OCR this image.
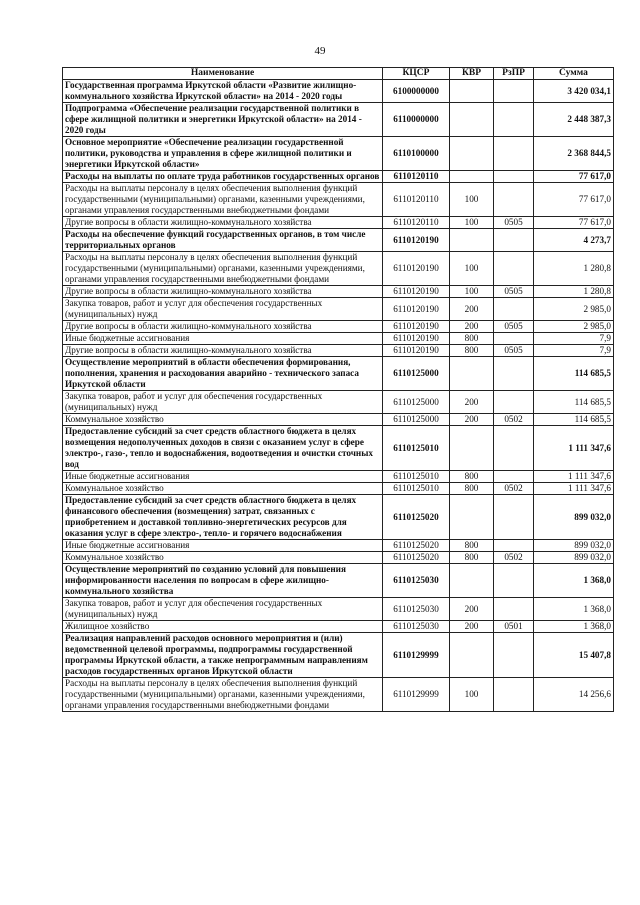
49
Наименование	КЦСР	КВР	РзПР	Сумма
Государственная программа Иркутской области «Развитие жилищно-коммунального хозяйства Иркутской области» на 2014 - 2020 годы	6100000000			3 420 034,1
Подпрограмма «Обеспечение реализации государственной политики в сфере жилищной политики и энергетики Иркутской области» на 2014 - 2020 годы	6110000000			2 448 387,3
Основное мероприятие «Обеспечение реализации государственной политики, руководства и управления в сфере жилищной политики и энергетики Иркутской области»	6110100000			2 368 844,5
Расходы на выплаты по оплате труда работников государственных органов	6110120110			77 617,0
Расходы на выплаты персоналу в целях обеспечения выполнения функций государственными (муниципальными) органами, казенными учреждениями, органами управления государственными внебюджетными фондами	6110120110	100		77 617,0
Другие вопросы в области жилищно-коммунального хозяйства	6110120110	100	0505	77 617,0
Расходы на обеспечение функций государственных органов, в том числе территориальных органов	6110120190			4 273,7
Расходы на выплаты персоналу в целях обеспечения выполнения функций государственными (муниципальными) органами, казенными учреждениями, органами управления государственными внебюджетными фондами	6110120190	100		1 280,8
Другие вопросы в области жилищно-коммунального хозяйства	6110120190	100	0505	1 280,8
Закупка товаров, работ и услуг для обеспечения государственных (муниципальных) нужд	6110120190	200		2 985,0
Другие вопросы в области жилищно-коммунального хозяйства	6110120190	200	0505	2 985,0
Иные бюджетные ассигнования	6110120190	800		7,9
Другие вопросы в области жилищно-коммунального хозяйства	6110120190	800	0505	7,9
Осуществление мероприятий в области обеспечения формирования, пополнения, хранения и расходования аварийно - технического запаса Иркутской области	6110125000			114 685,5
Закупка товаров, работ и услуг для обеспечения государственных (муниципальных) нужд	6110125000	200		114 685,5
Коммунальное хозяйство	6110125000	200	0502	114 685,5
Предоставление субсидий за счет средств областного бюджета в целях возмещения недополученных доходов в связи с оказанием услуг в сфере электро-, газо-, тепло и водоснабжения, водоотведения и очистки сточных вод	6110125010			1 111 347,6
Иные бюджетные ассигнования	6110125010	800		1 111 347,6
Коммунальное хозяйство	6110125010	800	0502	1 111 347,6
Предоставление субсидий за счет средств областного бюджета в целях финансового обеспечения (возмещения) затрат, связанных с приобретением и доставкой топливно-энергетических ресурсов для оказания услуг в сфере электро-, тепло- и горячего водоснабжения	6110125020			899 032,0
Иные бюджетные ассигнования	6110125020	800		899 032,0
Коммунальное хозяйство	6110125020	800	0502	899 032,0
Осуществление мероприятий по созданию условий для повышения информированности населения по вопросам в сфере жилищно-коммунального хозяйства	6110125030			1 368,0
Закупка товаров, работ и услуг для обеспечения государственных (муниципальных) нужд	6110125030	200		1 368,0
Жилищное хозяйство	6110125030	200	0501	1 368,0
Реализация направлений расходов основного мероприятия и (или) ведомственной целевой программы, подпрограммы государственной программы Иркутской области, а также непрограммным направлениям расходов государственных органов Иркутской области	6110129999			15 407,8
Расходы на выплаты персоналу в целях обеспечения выполнения функций государственными (муниципальными) органами, казенными учреждениями, органами управления государственными внебюджетными фондами	6110129999	100		14 256,6
